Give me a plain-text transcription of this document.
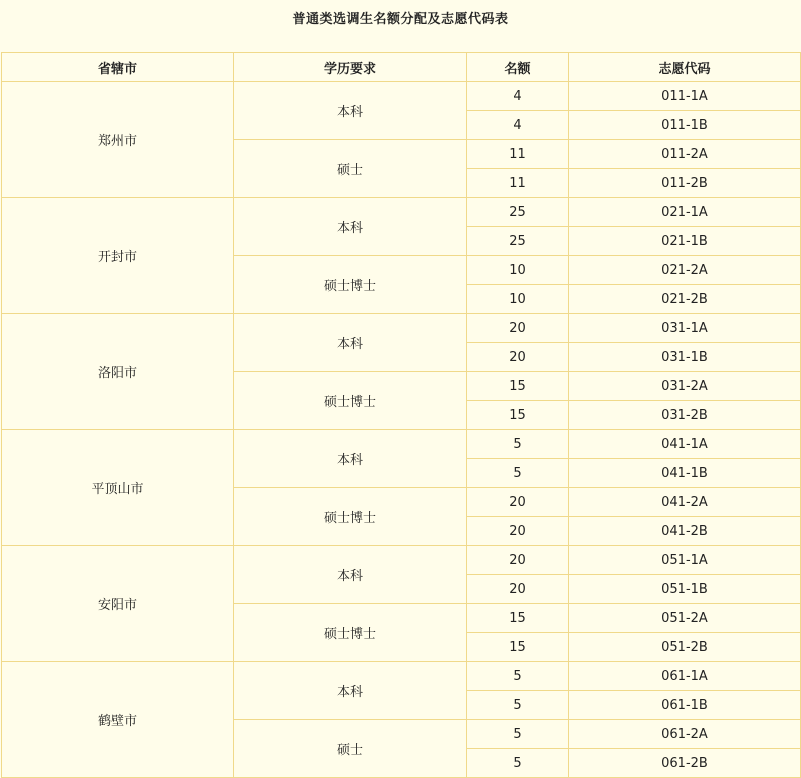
普通类选调生名额分配及志愿代码表
省辖市	学历要求	名额	志愿代码
郑州市	本科	4	011-1A
		4	011-1B
	硕士	11	011-2A
		11	011-2B
开封市	本科	25	021-1A
		25	021-1B
	硕士博士	10	021-2A
		10	021-2B
洛阳市	本科	20	031-1A
		20	031-1B
	硕士博士	15	031-2A
		15	031-2B
平顶山市	本科	5	041-1A
		5	041-1B
	硕士博士	20	041-2A
		20	041-2B
安阳市	本科	20	051-1A
		20	051-1B
	硕士博士	15	051-2A
		15	051-2B
鹤壁市	本科	5	061-1A
		5	061-1B
	硕士	5	061-2A
		5	061-2B
